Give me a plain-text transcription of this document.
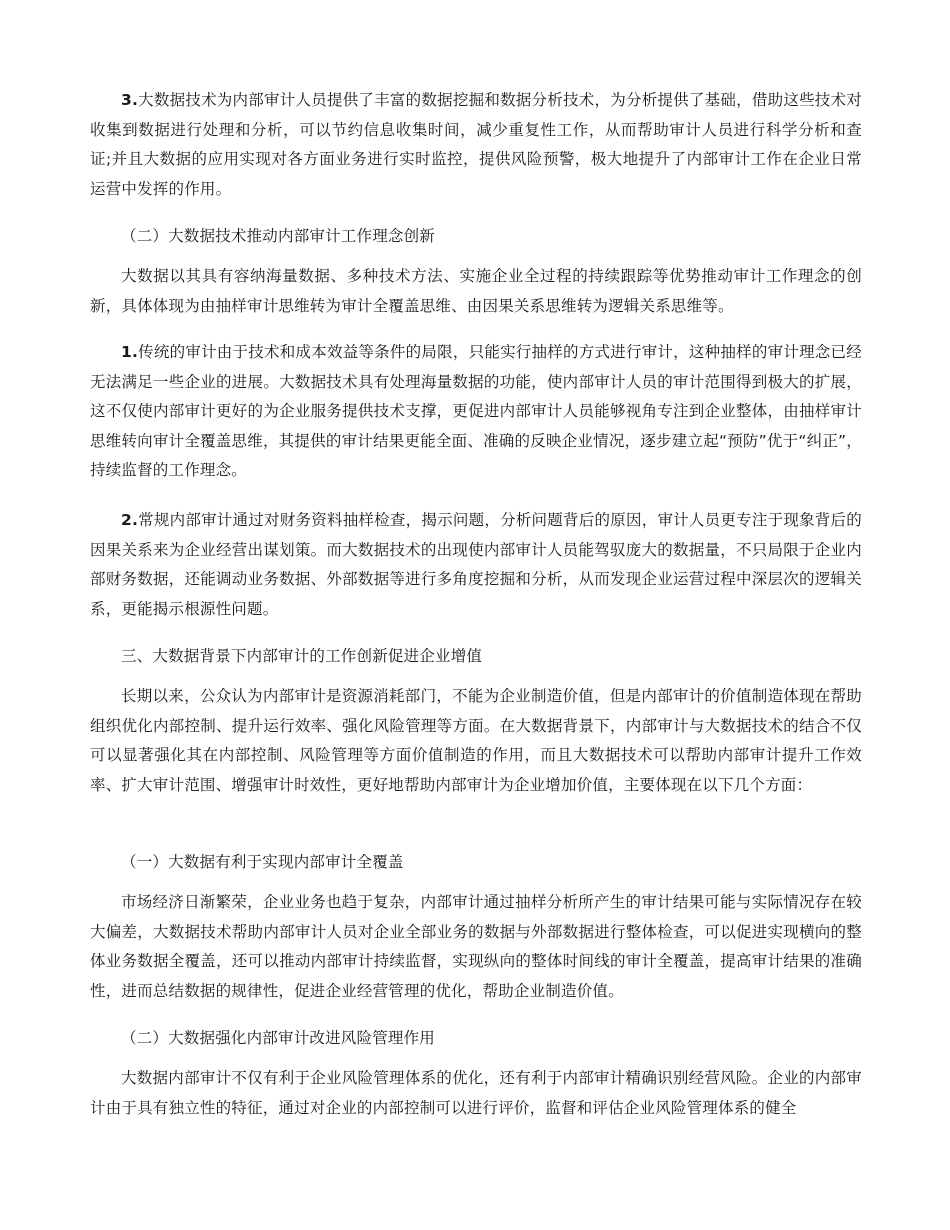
3.大数据技术为内部审计人员提供了丰富的数据挖掘和数据分析技术，为分析提供了基础，借助这些技术对收集到数据进行处理和分析，可以节约信息收集时间，减少重复性工作，从而帮助审计人员进行科学分析和查证;并且大数据的应用实现对各方面业务进行实时监控，提供风险预警，极大地提升了内部审计工作在企业日常运营中发挥的作用。

（二）大数据技术推动内部审计工作理念创新

大数据以其具有容纳海量数据、多种技术方法、实施企业全过程的持续跟踪等优势推动审计工作理念的创新，具体体现为由抽样审计思维转为审计全覆盖思维、由因果关系思维转为逻辑关系思维等。

1.传统的审计由于技术和成本效益等条件的局限，只能实行抽样的方式进行审计，这种抽样的审计理念已经无法满足一些企业的进展。大数据技术具有处理海量数据的功能，使内部审计人员的审计范围得到极大的扩展，这不仅使内部审计更好的为企业服务提供技术支撑，更促进内部审计人员能够视角专注到企业整体，由抽样审计思维转向审计全覆盖思维，其提供的审计结果更能全面、准确的反映企业情况，逐步建立起“预防”优于“纠正”，持续监督的工作理念。

2.常规内部审计通过对财务资料抽样检查，揭示问题，分析问题背后的原因，审计人员更专注于现象背后的因果关系来为企业经营出谋划策。而大数据技术的出现使内部审计人员能驾驭庞大的数据量，不只局限于企业内部财务数据，还能调动业务数据、外部数据等进行多角度挖掘和分析，从而发现企业运营过程中深层次的逻辑关系，更能揭示根源性问题。

三、大数据背景下内部审计的工作创新促进企业增值

长期以来，公众认为内部审计是资源消耗部门，不能为企业制造价值，但是内部审计的价值制造体现在帮助组织优化内部控制、提升运行效率、强化风险管理等方面。在大数据背景下，内部审计与大数据技术的结合不仅可以显著强化其在内部控制、风险管理等方面价值制造的作用，而且大数据技术可以帮助内部审计提升工作效率、扩大审计范围、增强审计时效性，更好地帮助内部审计为企业增加价值，主要体现在以下几个方面：

（一）大数据有利于实现内部审计全覆盖

市场经济日渐繁荣，企业业务也趋于复杂，内部审计通过抽样分析所产生的审计结果可能与实际情况存在较大偏差，大数据技术帮助内部审计人员对企业全部业务的数据与外部数据进行整体检查，可以促进实现横向的整体业务数据全覆盖，还可以推动内部审计持续监督，实现纵向的整体时间线的审计全覆盖，提高审计结果的准确性，进而总结数据的规律性，促进企业经营管理的优化，帮助企业制造价值。

（二）大数据强化内部审计改进风险管理作用

大数据内部审计不仅有利于企业风险管理体系的优化，还有利于内部审计精确识别经营风险。企业的内部审计由于具有独立性的特征，通过对企业的内部控制可以进行评价，监督和评估企业风险管理体系的健全
